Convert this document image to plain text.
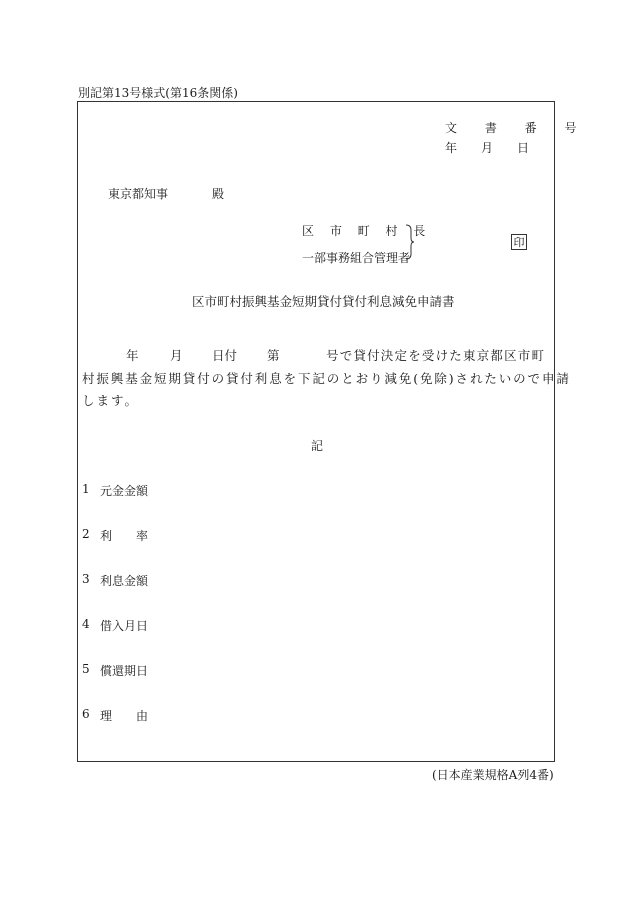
別記第13号様式(第16条関係)
文 書 番 号
年 月 日
東京都知事	殿
区 市 町 村 長
一部事務組合管理者
印
区市町村振興基金短期貸付貸付利息減免申請書
年	月 日付 第	号で貸付決定を受けた東京都区市町
村振興基金短期貸付の貸付利息を下記のとおり減免(免除)されたいので申請
します。
記
1 元金金額
2 利　　率
3 利息金額
4 借入月日
5 償還期日
6 理　　由
(日本産業規格A列4番)
